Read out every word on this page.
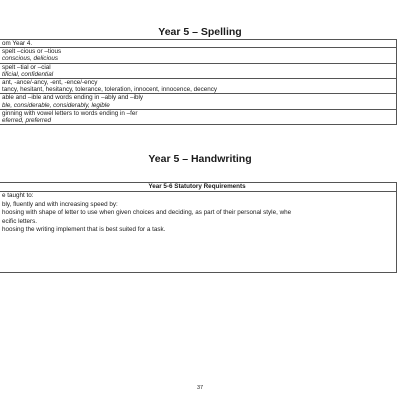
Year 5 – Spelling
om Year 4.

spelt –cious or –tious
conscious, delicious

spelt –tial or –cial
tificial, confidential

ant, -ance/-ancy, -ent, -ence/-ency
tancy, hesitant, hesitancy, tolerance, toleration, innocent, innocence, decency

able and –ible and words ending in –ably and –ibly
ble, considerable, considerably, legible

ginning with vowel letters to words ending in –fer
eferred, preferred
Year 5 – Handwriting
Year 5-6 Statutory Requirements
e taught to:
bly, fluently and with increasing speed by:
hoosing with shape of letter to use when given choices and deciding, as part of their personal style, whe
ecific letters.
hoosing the writing implement that is best suited for a task.
37
